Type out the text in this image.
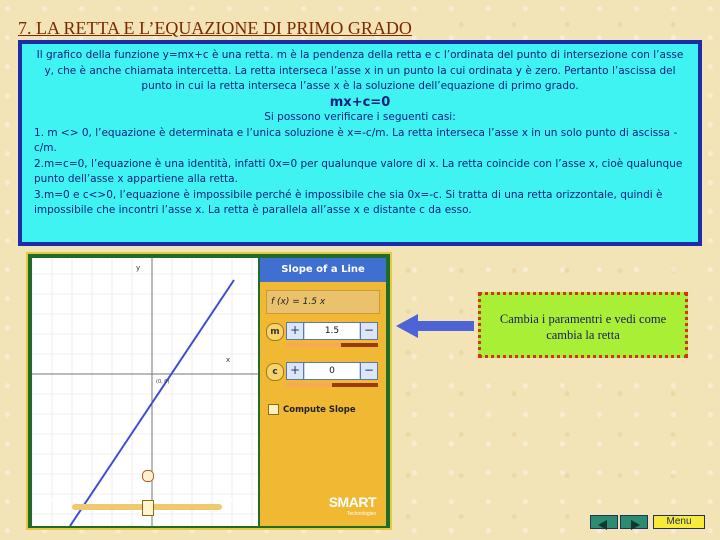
7. LA RETTA E L’EQUAZIONE DI PRIMO GRADO

Il grafico della funzione y=mx+c è una retta. m è la pendenza della retta e c l’ordinata del punto di intersezione con l’asse y, che è anche chiamata intercetta. La retta interseca l’asse x in un punto la cui ordinata y è zero. Pertanto l’ascissa del punto in cui la retta interseca l’asse x è la soluzione dell’equazione di primo grado.

mx+c=0

Si possono verificare i seguenti casi:

1. m <> 0, l’equazione è determinata e l’unica soluzione è x=-c/m. La retta interseca l’asse x in un solo punto di ascissa -c/m.

2.m=c=0, l’equazione è una identità, infatti 0x=0 per qualunque valore di x. La retta coincide con l’asse x, cioè qualunque punto dell’asse x appartiene alla retta.

3.m=0 e c<>0, l’equazione è impossibile perché è impossibile che sia 0x=-c. Si tratta di una retta orizzontale, quindi è impossibile che incontri l’asse x. La retta è parallela all’asse x e distante c da esso.

x
y
(0, 0)
ZOOM IN	ZOOM OUT
Slope of a Line
f (x) = 1.5 x
m +	1.5	−
c	+	0	−
Compute Slope
SMART
Technologies
Cambia i paramentri e vedi come cambia la retta
Menu
